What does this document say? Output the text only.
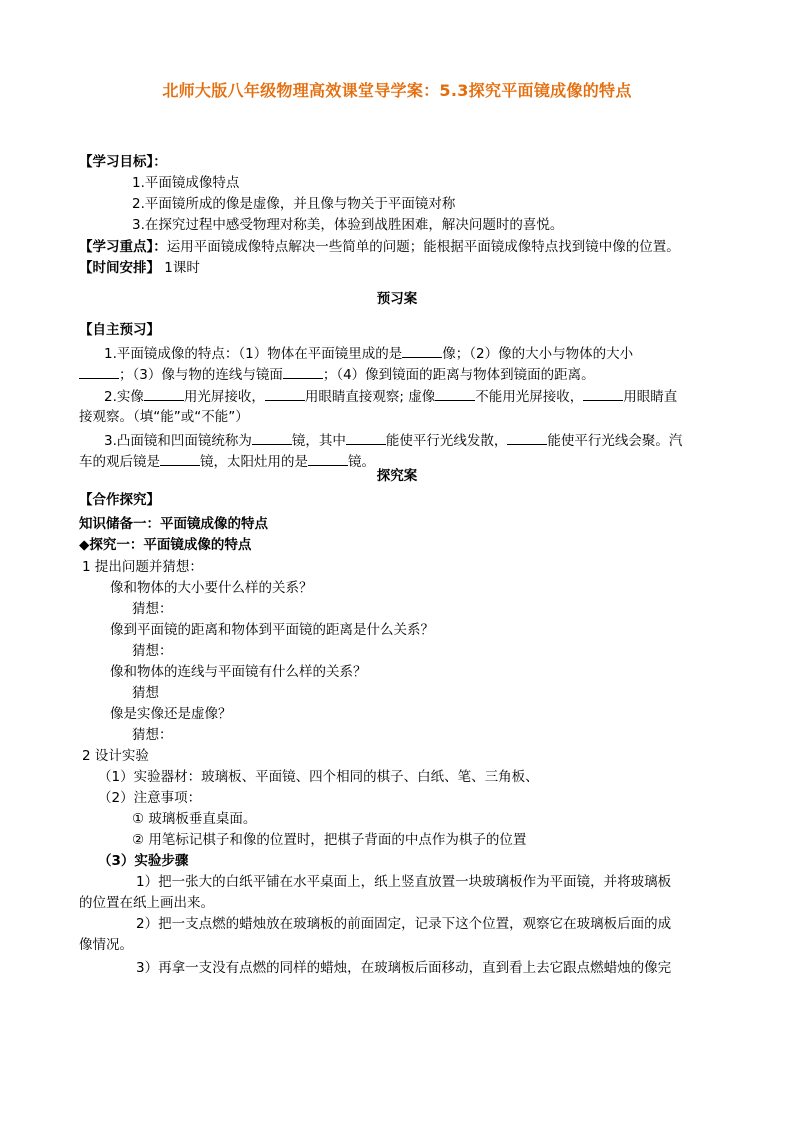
北师大版八年级物理高效课堂导学案：5.3探究平面镜成像的特点
【学习目标】：
1.平面镜成像特点
2.平面镜所成的像是虚像，并且像与物关于平面镜对称
3.在探究过程中感受物理对称美，体验到战胜困难，解决问题时的喜悦。
【学习重点】：运用平面镜成像特点解决一些简单的问题；能根据平面镜成像特点找到镜中像的位置。
【时间安排】 1课时
预习案
【自主预习】
1.平面镜成像的特点：（1）物体在平面镜里成的是	像；（2）像的大小与物体的大小
；（3）像与物的连线与镜面	；（4）像到镜面的距离与物体到镜面的距离。
2.实像	用光屏接收，	用眼睛直接观察; 虚像	不能用光屏接收，	用眼睛直
接观察。（填“能”或“不能”）
3.凸面镜和凹面镜统称为	镜，其中	能使平行光线发散，	能使平行光线会聚。汽
车的观后镜是	镜，太阳灶用的是	镜。
探究案
【合作探究】
知识储备一：平面镜成像的特点
◆探究一：平面镜成像的特点
1 提出问题并猜想：
像和物体的大小要什么样的关系？
猜想：
像到平面镜的距离和物体到平面镜的距离是什么关系？
猜想：
像和物体的连线与平面镜有什么样的关系？
猜想
像是实像还是虚像？
猜想：
2 设计实验
（1）实验器材：玻璃板、平面镜、四个相同的棋子、白纸、笔、三角板、
（2）注意事项：
① 玻璃板垂直桌面。
② 用笔标记棋子和像的位置时，把棋子背面的中点作为棋子的位置
（3）实验步骤
1）把一张大的白纸平铺在水平桌面上，纸上竖直放置一块玻璃板作为平面镜，并将玻璃板
的位置在纸上画出来。
2）把一支点燃的蜡烛放在玻璃板的前面固定，记录下这个位置，观察它在玻璃板后面的成
像情况。
3）再拿一支没有点燃的同样的蜡烛，在玻璃板后面移动，直到看上去它跟点燃蜡烛的像完
